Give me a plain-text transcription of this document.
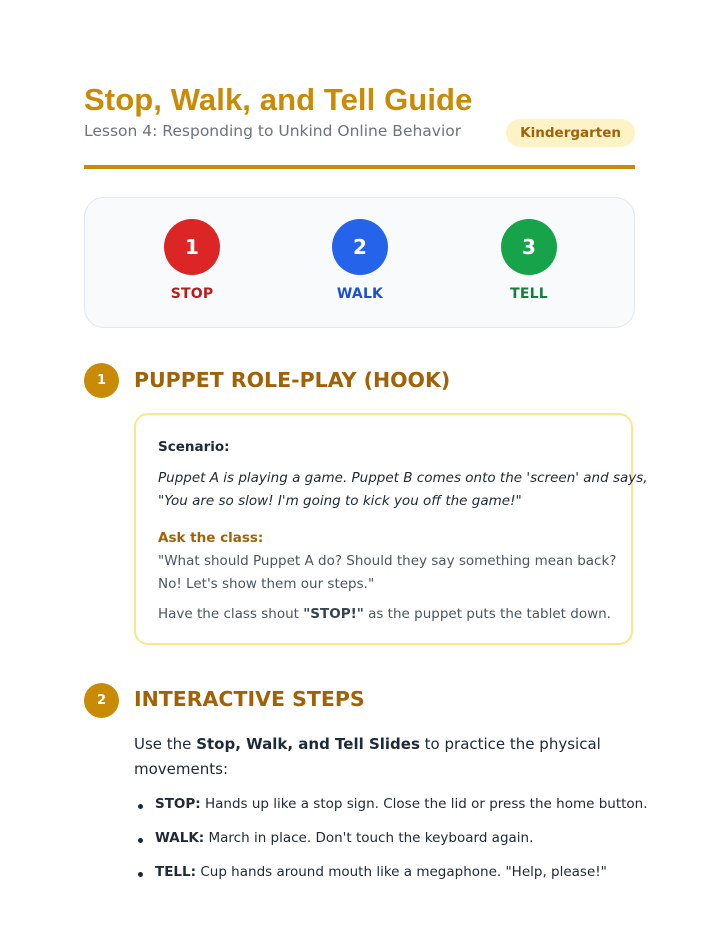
Stop, Walk, and Tell Guide
Lesson 4: Responding to Unkind Online Behavior	Kindergarten
1
STOP
2
WALK
3
TELL
1	PUPPET ROLE-PLAY (HOOK)
Scenario:
Puppet A is playing a game. Puppet B comes onto the 'screen' and says,
"You are so slow! I'm going to kick you off the game!"
Ask the class:
"What should Puppet A do? Should they say something mean back?
No! Let's show them our steps."
Have the class shout "STOP!" as the puppet puts the tablet down.
2	INTERACTIVE STEPS
Use the Stop, Walk, and Tell Slides to practice the physical
movements:
STOP: Hands up like a stop sign. Close the lid or press the home button.
WALK: March in place. Don't touch the keyboard again.
TELL: Cup hands around mouth like a megaphone. "Help, please!"
